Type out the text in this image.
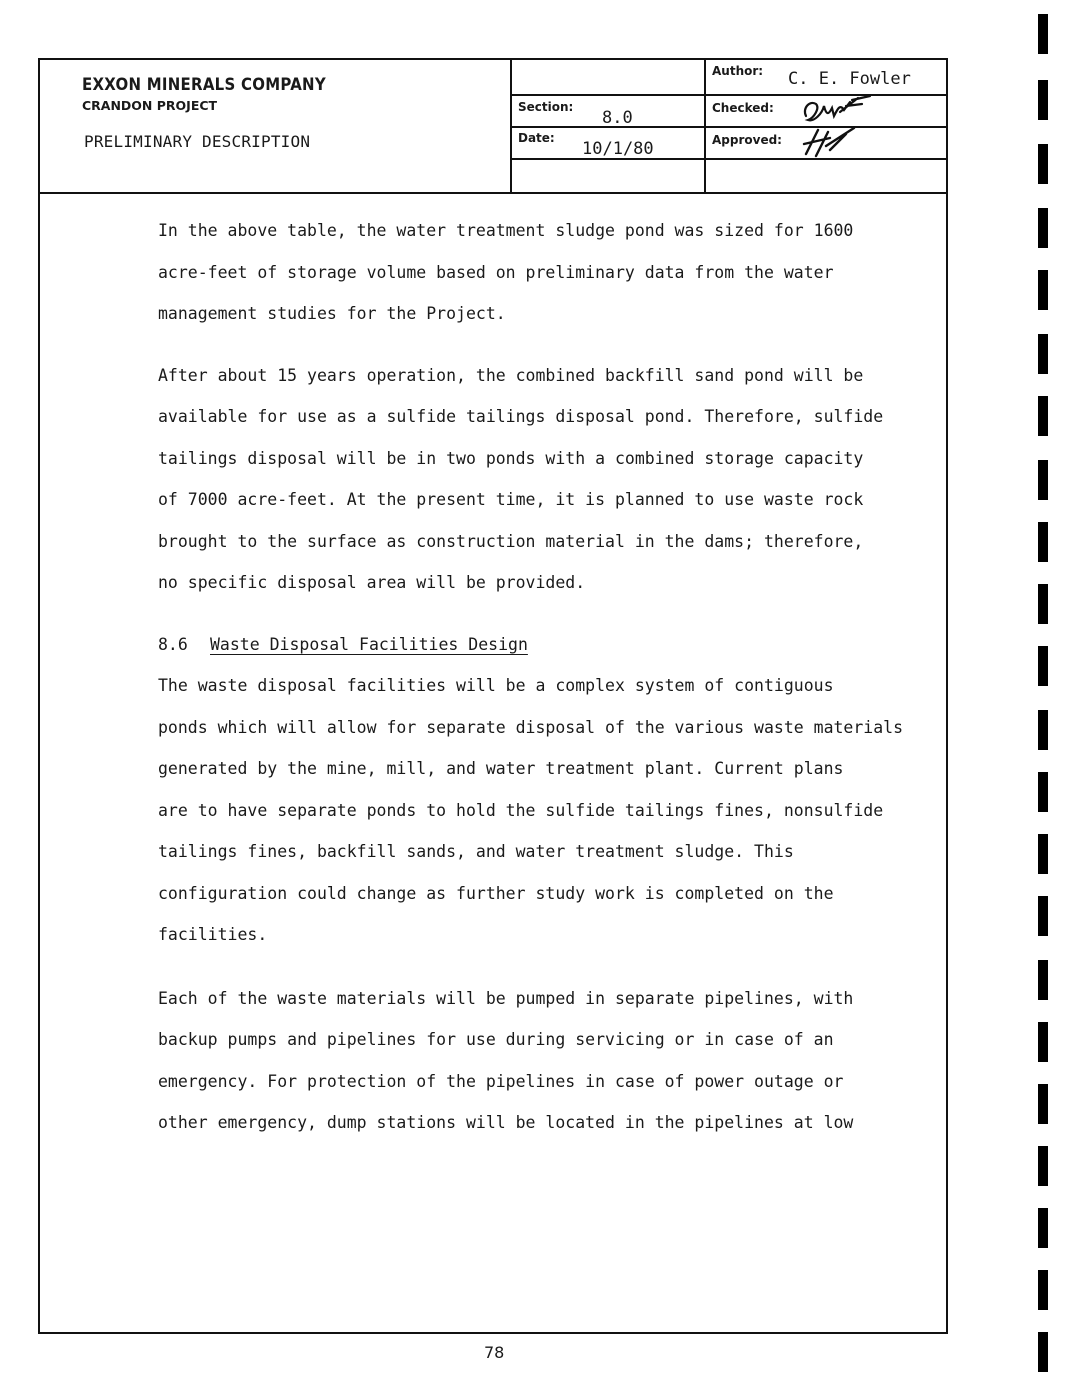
EXXON MINERALS COMPANY
CRANDON PROJECT
PRELIMINARY DESCRIPTION
Section:
8.0
Date:
10/1/80
Author: C. E. Fowler
Checked:
Approved:

In the above table, the water treatment sludge pond was sized for 1600

acre-feet of storage volume based on preliminary data from the water

management studies for the Project.

After about 15 years operation, the combined backfill sand pond will be

available for use as a sulfide tailings disposal pond. Therefore, sulfide

tailings disposal will be in two ponds with a combined storage capacity

of 7000 acre-feet. At the present time, it is planned to use waste rock

brought to the surface as construction material in the dams; therefore,

no specific disposal area will be provided.

8.6 Waste Disposal Facilities Design

The waste disposal facilities will be a complex system of contiguous

ponds which will allow for separate disposal of the various waste materials

generated by the mine, mill, and water treatment plant. Current plans

are to have separate ponds to hold the sulfide tailings fines, nonsulfide

tailings fines, backfill sands, and water treatment sludge. This

configuration could change as further study work is completed on the

facilities.

Each of the waste materials will be pumped in separate pipelines, with

backup pumps and pipelines for use during servicing or in case of an

emergency. For protection of the pipelines in case of power outage or

other emergency, dump stations will be located in the pipelines at low

78
